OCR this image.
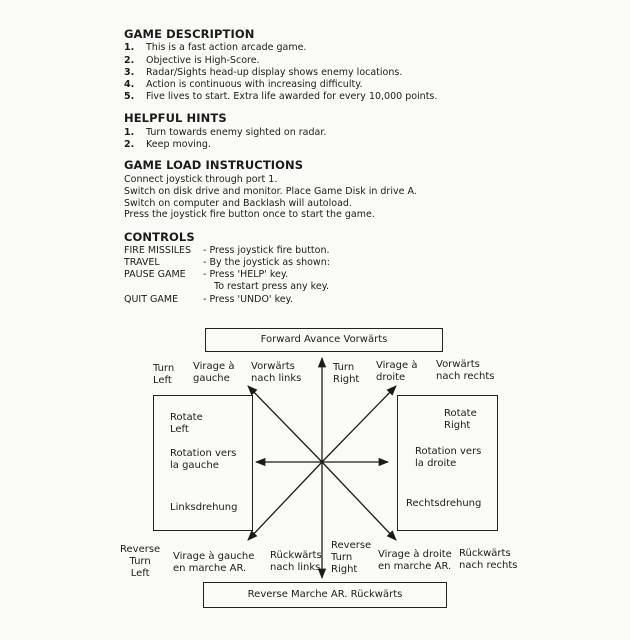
GAME DESCRIPTION
1. This is a fast action arcade game.
2. Objective is High-Score.
3. Radar/Sights head-up display shows enemy locations.
4. Action is continuous with increasing difficulty.
5. Five lives to start. Extra life awarded for every 10,000 points.
HELPFUL HINTS
1. Turn towards enemy sighted on radar.
2. Keep moving.
GAME LOAD INSTRUCTIONS
Connect joystick through port 1.
Switch on disk drive and monitor. Place Game Disk in drive A.
Switch on computer and Backlash will autoload.
Press the joystick fire button once to start the game.
CONTROLS
FIRE MISSILES - Press joystick fire button.
TRAVEL	- By the joystick as shown:
PAUSE GAME - Press 'HELP' key.
To restart press any key.
QUIT GAME	- Press 'UNDO' key.
Forward Avance Vorwärts
Reverse Marche AR. Rückwärts
Rotate
Left
Rotation vers
la gauche
Linksdrehung
Rotate
Right
Rotation vers
la droite
Rechtsdrehung
Turn
Left
Virage à
gauche
Vorwärts
nach links
Turn
Right
Virage à
droite
Vorwärts
nach rechts
Reverse
Turn
Left
Virage à gauche
en marche AR.
Rückwärts
nach links
Reverse
Turn
Right
Virage à droite
en marche AR.
Rückwärts
nach rechts
